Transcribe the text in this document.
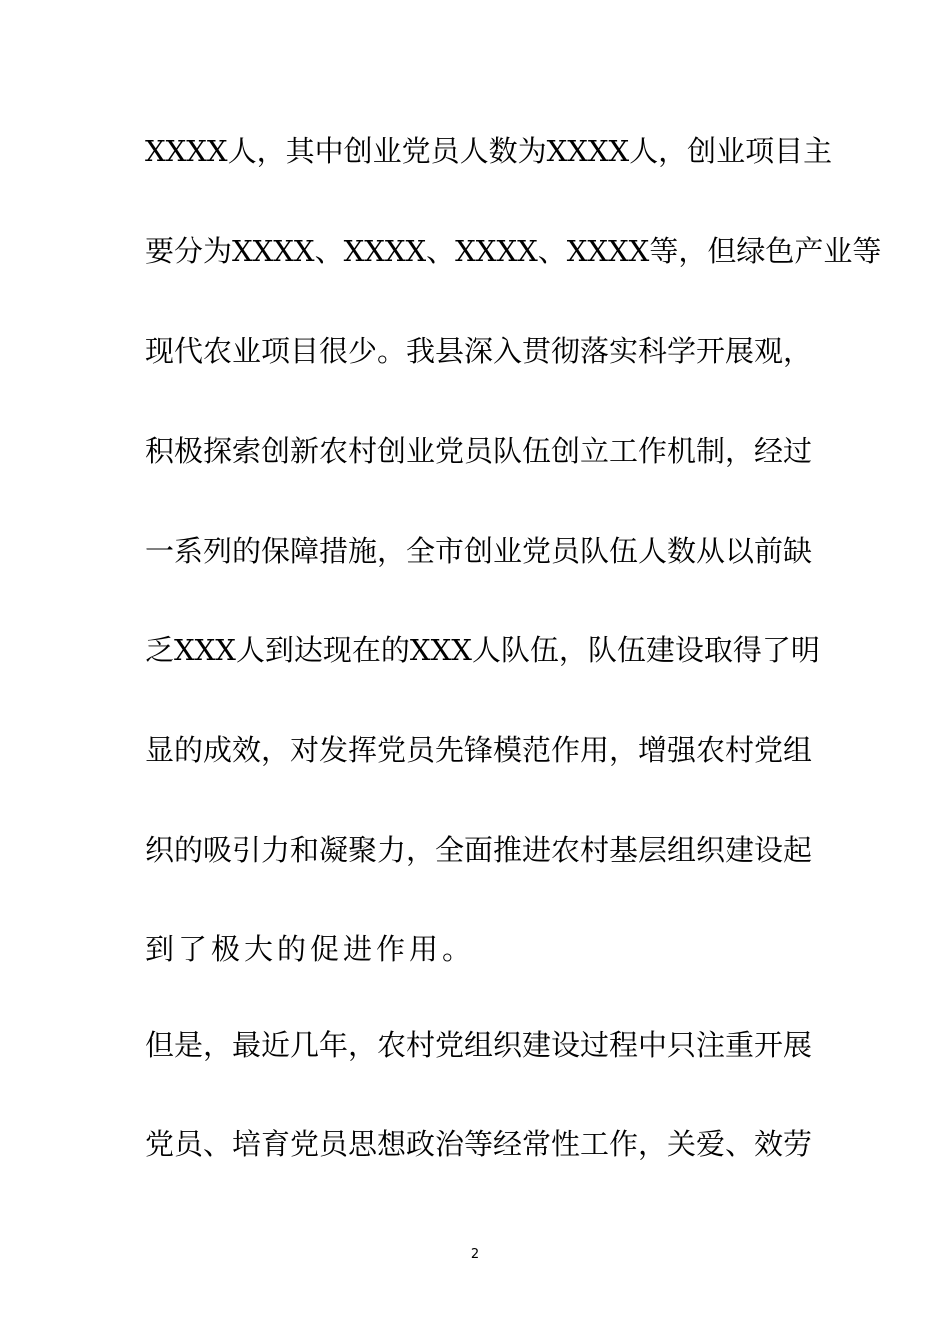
XXXX人，其中创业党员人数为XXXX人，创业项目主
要分为XXXX、XXXX、XXXX、XXXX等，但绿色产业等
现代农业项目很少。我县深入贯彻落实科学开展观，
积极探索创新农村创业党员队伍创立工作机制，经过
一系列的保障措施，全市创业党员队伍人数从以前缺
乏XXX人到达现在的XXX人队伍，队伍建设取得了明
显的成效，对发挥党员先锋模范作用，增强农村党组
织的吸引力和凝聚力，全面推进农村基层组织建设起
到了极大的促进作用。
但是，最近几年，农村党组织建设过程中只注重开展
党员、培育党员思想政治等经常性工作，关爱、效劳
2
